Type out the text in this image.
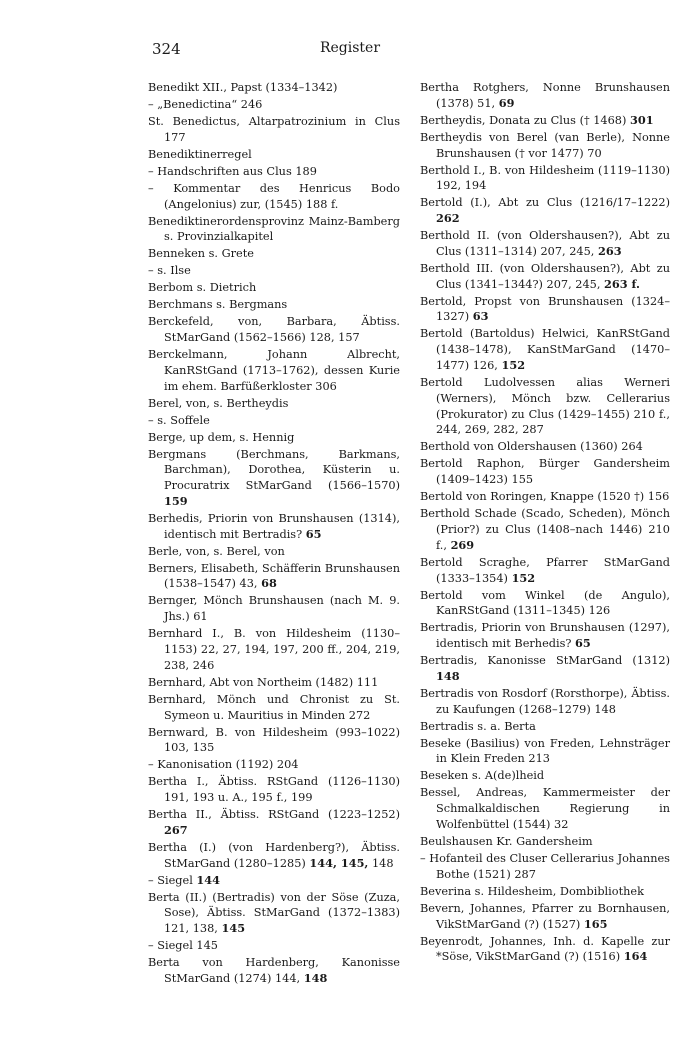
324	Register
Benedikt XII., Papst (1334–1342)
– „Benedictina“ 246
St. Benedictus, Altarpatrozinium in Clus 177
Benediktinerregel
– Handschriften aus Clus 189
– Kommentar des Henricus Bodo (Angelonius) zur, (1545) 188 f.
Benediktinerordensprovinz Mainz-Bamberg s. Provinzialkapitel
Benneken s. Grete
– s. Ilse
Berbom s. Dietrich
Berchmans s. Bergmans
Berckefeld, von, Barbara, Äbtiss. StMarGand (1562–1566) 128, 157
Berckelmann, Johann Albrecht, KanRStGand (1713–1762), dessen Kurie im ehem. Barfüßerkloster 306
Berel, von, s. Bertheydis
– s. Soffele
Berge, up dem, s. Hennig
Bergmans (Berchmans, Barkmans, Barchman), Dorothea, Küsterin u. Procuratrix StMarGand (1566–1570) 159
Berhedis, Priorin von Brunshausen (1314), identisch mit Bertradis? 65
Berle, von, s. Berel, von
Berners, Elisabeth, Schäfferin Brunshausen (1538–1547) 43, 68
Bernger, Mönch Brunshausen (nach M. 9. Jhs.) 61
Bernhard I., B. von Hildesheim (1130–1153) 22, 27, 194, 197, 200 ff., 204, 219, 238, 246
Bernhard, Abt von Northeim (1482) 111
Bernhard, Mönch und Chronist zu St. Symeon u. Mauritius in Minden 272
Bernward, B. von Hildesheim (993–1022) 103, 135
– Kanonisation (1192) 204
Bertha I., Äbtiss. RStGand (1126–1130) 191, 193 u. A., 195 f., 199
Bertha II., Äbtiss. RStGand (1223–1252) 267
Bertha (I.) (von Hardenberg?), Äbtiss. StMarGand (1280–1285) 144, 145, 148
– Siegel 144
Berta (II.) (Bertradis) von der Söse (Zuza, Sose), Äbtiss. StMarGand (1372–1383) 121, 138, 145
– Siegel 145
Berta von Hardenberg, Kanonisse StMarGand (1274) 144, 148
Bertha Rotghers, Nonne Brunshausen (1378) 51, 69
Bertheydis, Donata zu Clus († 1468) 301
Bertheydis von Berel (van Berle), Nonne Brunshausen († vor 1477) 70
Berthold I., B. von Hildesheim (1119–1130) 192, 194
Bertold (I.), Abt zu Clus (1216/17–1222) 262
Berthold II. (von Oldershausen?), Abt zu Clus (1311–1314) 207, 245, 263
Berthold III. (von Oldershausen?), Abt zu Clus (1341–1344?) 207, 245, 263 f.
Bertold, Propst von Brunshausen (1324–1327) 63
Bertold (Bartoldus) Helwici, KanRStGand (1438–1478), KanStMarGand (1470–1477) 126, 152
Bertold Ludolvessen alias Werneri (Werners), Mönch bzw. Cellerarius (Prokurator) zu Clus (1429–1455) 210 f., 244, 269, 282, 287
Berthold von Oldershausen (1360) 264
Bertold Raphon, Bürger Gandersheim (1409–1423) 155
Bertold von Roringen, Knappe (1520 †) 156
Berthold Schade (Scado, Scheden), Mönch (Prior?) zu Clus (1408–nach 1446) 210 f., 269
Bertold Scraghe, Pfarrer StMarGand (1333–1354) 152
Bertold vom Winkel (de Angulo), KanRStGand (1311–1345) 126
Bertradis, Priorin von Brunshausen (1297), identisch mit Berhedis? 65
Bertradis, Kanonisse StMarGand (1312) 148
Bertradis von Rosdorf (Rorsthorpe), Äbtiss. zu Kaufungen (1268–1279) 148
Bertradis s. a. Berta
Beseke (Basilius) von Freden, Lehnsträger in Klein Freden 213
Beseken s. A(de)lheid
Bessel, Andreas, Kammermeister der Schmalkaldischen Regierung in Wolfenbüttel (1544) 32
Beulshausen Kr. Gandersheim
– Hofanteil des Cluser Cellerarius Johannes Bothe (1521) 287
Beverina s. Hildesheim, Dombibliothek
Bevern, Johannes, Pfarrer zu Bornhausen, VikStMarGand (?) (1527) 165
Beyenrodt, Johannes, Inh. d. Kapelle zur *Söse, VikStMarGand (?) (1516) 164
